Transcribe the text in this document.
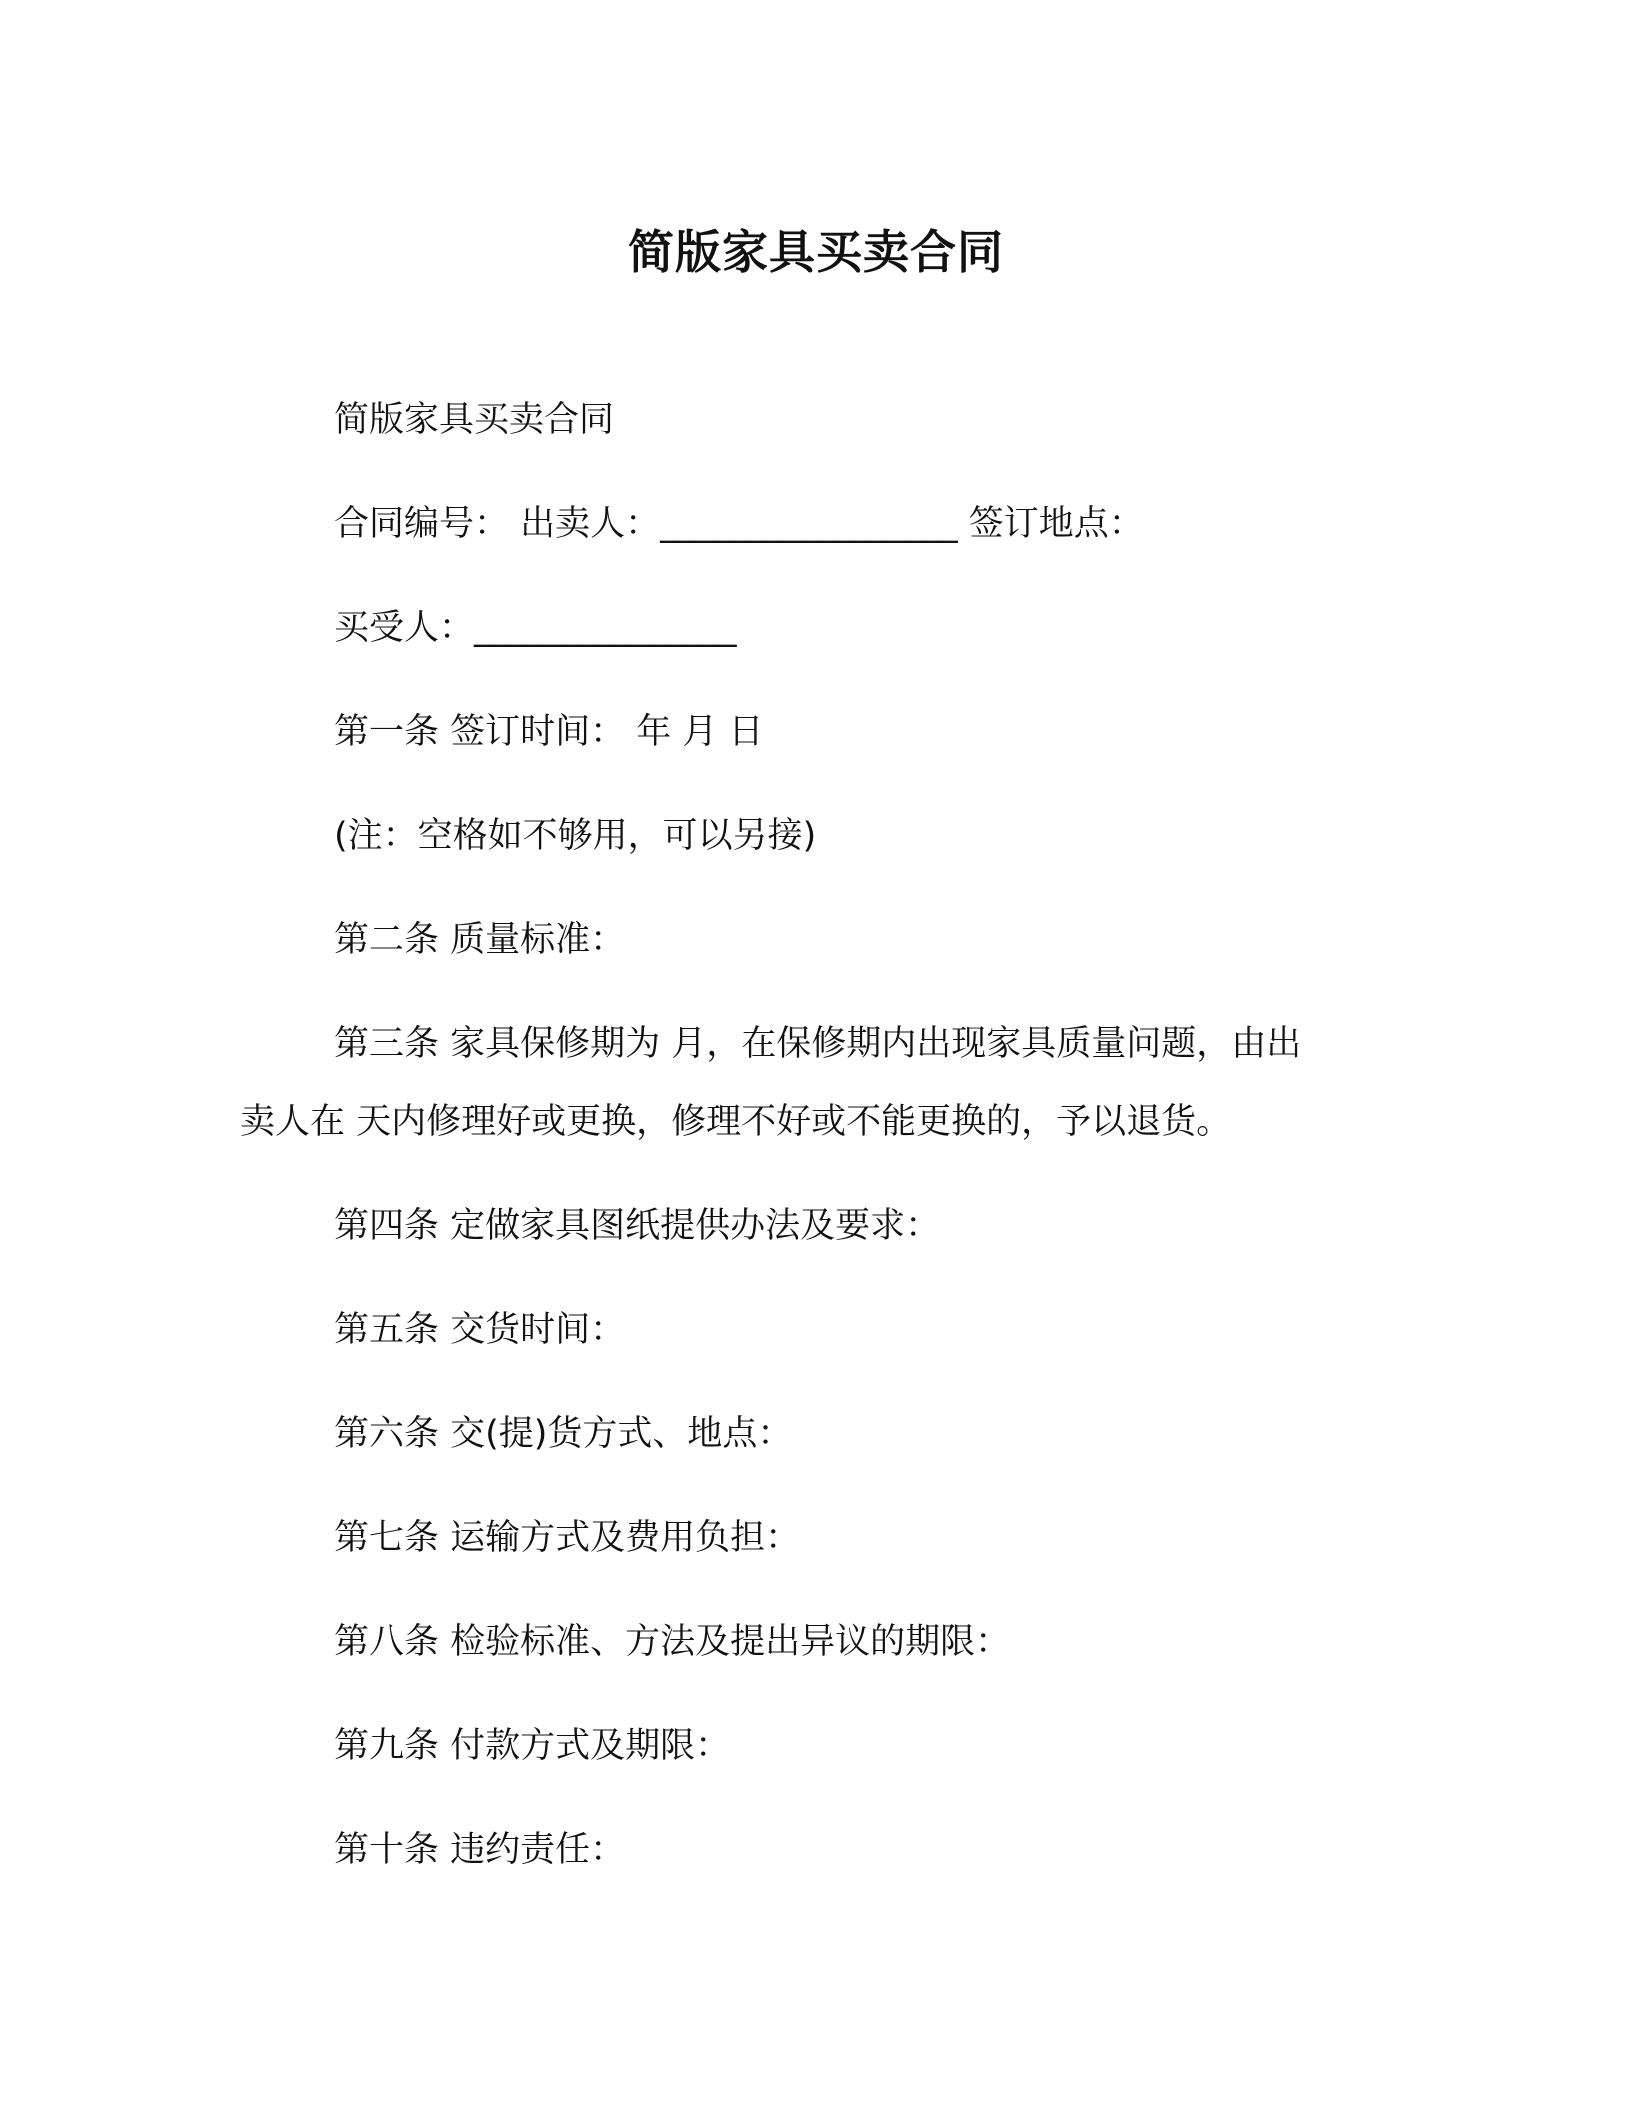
简版家具买卖合同
简版家具买卖合同
合同编号： 出卖人：_________________ 签订地点：
买受人：_______________
第一条 签订时间： 年 月 日
(注：空格如不够用，可以另接)
第二条 质量标准：
第三条 家具保修期为 月，在保修期内出现家具质量问题，由出
卖人在 天内修理好或更换，修理不好或不能更换的，予以退货。
第四条 定做家具图纸提供办法及要求：
第五条 交货时间：
第六条 交(提)货方式、地点：
第七条 运输方式及费用负担：
第八条 检验标准、方法及提出异议的期限：
第九条 付款方式及期限：
第十条 违约责任：
